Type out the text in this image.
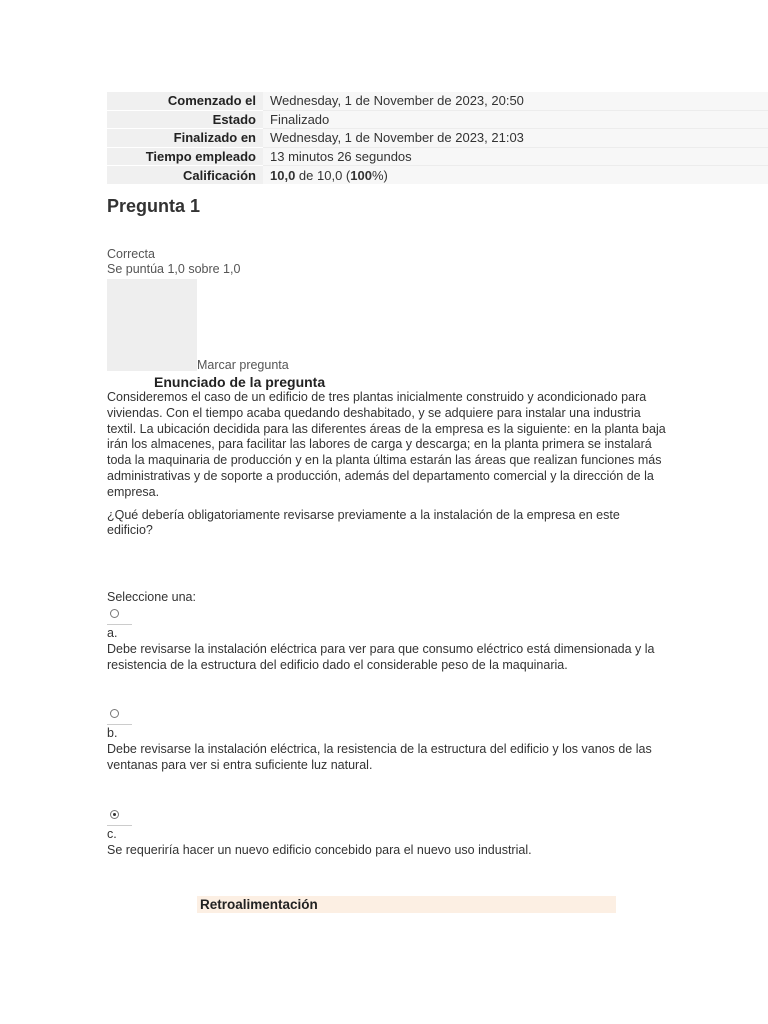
Comenzado el	Wednesday, 1 de November de 2023, 20:50
Estado	Finalizado
Finalizado en	Wednesday, 1 de November de 2023, 21:03
Tiempo empleado	13 minutos 26 segundos
Calificación	10,0 de 10,0 (100%)
Pregunta 1
Correcta
Se puntúa 1,0 sobre 1,0
Marcar pregunta
Enunciado de la pregunta

Consideremos el caso de un edificio de tres plantas inicialmente construido y acondicionado para viviendas. Con el tiempo acaba quedando deshabitado, y se adquiere para instalar una industria textil. La ubicación decidida para las diferentes áreas de la empresa es la siguiente: en la planta baja irán los almacenes, para facilitar las labores de carga y descarga; en la planta primera se instalará toda la maquinaria de producción y en la planta última estarán las áreas que realizan funciones más administrativas y de soporte a producción, además del departamento comercial y la dirección de la empresa.

¿Qué debería obligatoriamente revisarse previamente a la instalación de la empresa en este edificio?

Seleccione una:
a.
Debe revisarse la instalación eléctrica para ver para que consumo eléctrico está dimensionada y la resistencia de la estructura del edificio dado el considerable peso de la maquinaria.
b.
Debe revisarse la instalación eléctrica, la resistencia de la estructura del edificio y los vanos de las ventanas para ver si entra suficiente luz natural.
c.
Se requeriría hacer un nuevo edificio concebido para el nuevo uso industrial.
Retroalimentación
